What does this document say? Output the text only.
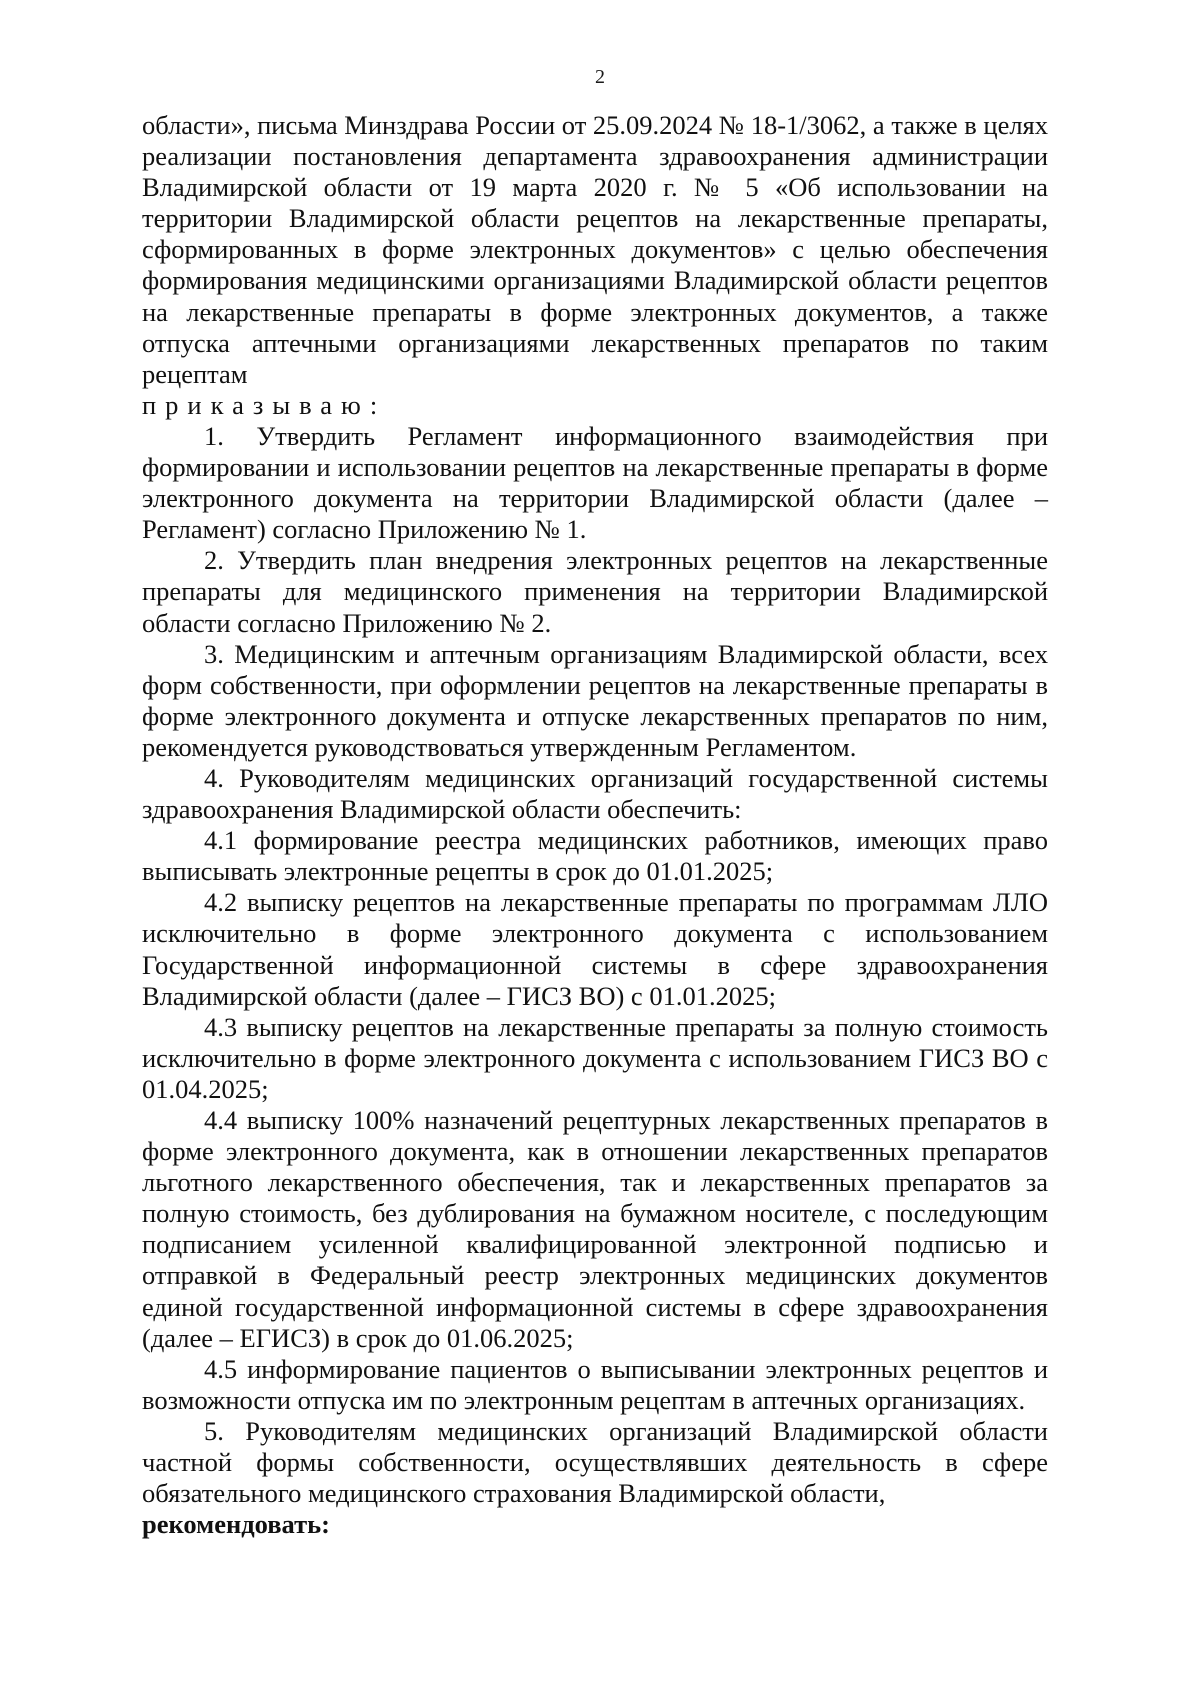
2

области», письма Минздрава России от 25.09.2024 № 18-1/3062, а также в целях реализации постановления департамента здравоохранения администрации Владимирской области от 19 марта 2020 г. № 5 «Об использовании на территории Владимирской области рецептов на лекарственные препараты, сформированных в форме электронных документов» с целью обеспечения формирования медицинскими организациями Владимирской области рецептов на лекарственные препараты в форме электронных документов, а также отпуска аптечными организациями лекарственных препаратов по таким рецептам

приказываю:

1. Утвердить Регламент информационного взаимодействия при формировании и использовании рецептов на лекарственные препараты в форме электронного документа на территории Владимирской области (далее – Регламент) согласно Приложению № 1.

2. Утвердить план внедрения электронных рецептов на лекарственные препараты для медицинского применения на территории Владимирской области согласно Приложению № 2.

3. Медицинским и аптечным организациям Владимирской области, всех форм собственности, при оформлении рецептов на лекарственные препараты в форме электронного документа и отпуске лекарственных препаратов по ним, рекомендуется руководствоваться утвержденным Регламентом.

4. Руководителям медицинских организаций государственной системы здравоохранения Владимирской области обеспечить:

4.1 формирование реестра медицинских работников, имеющих право выписывать электронные рецепты в срок до 01.01.2025;

4.2 выписку рецептов на лекарственные препараты по программам ЛЛО исключительно в форме электронного документа с использованием Государственной информационной системы в сфере здравоохранения Владимирской области (далее – ГИСЗ ВО) с 01.01.2025;

4.3 выписку рецептов на лекарственные препараты за полную стоимость исключительно в форме электронного документа с использованием ГИСЗ ВО с 01.04.2025;

4.4 выписку 100% назначений рецептурных лекарственных препаратов в форме электронного документа, как в отношении лекарственных препаратов льготного лекарственного обеспечения, так и лекарственных препаратов за полную стоимость, без дублирования на бумажном носителе, с последующим подписанием усиленной квалифицированной электронной подписью и отправкой в Федеральный реестр электронных медицинских документов единой государственной информационной системы в сфере здравоохранения (далее – ЕГИСЗ) в срок до 01.06.2025;

4.5 информирование пациентов о выписывании электронных рецептов и возможности отпуска им по электронным рецептам в аптечных организациях.

5. Руководителям медицинских организаций Владимирской области частной формы собственности, осуществлявших деятельность в сфере обязательного медицинского страхования Владимирской области,

рекомендовать:
